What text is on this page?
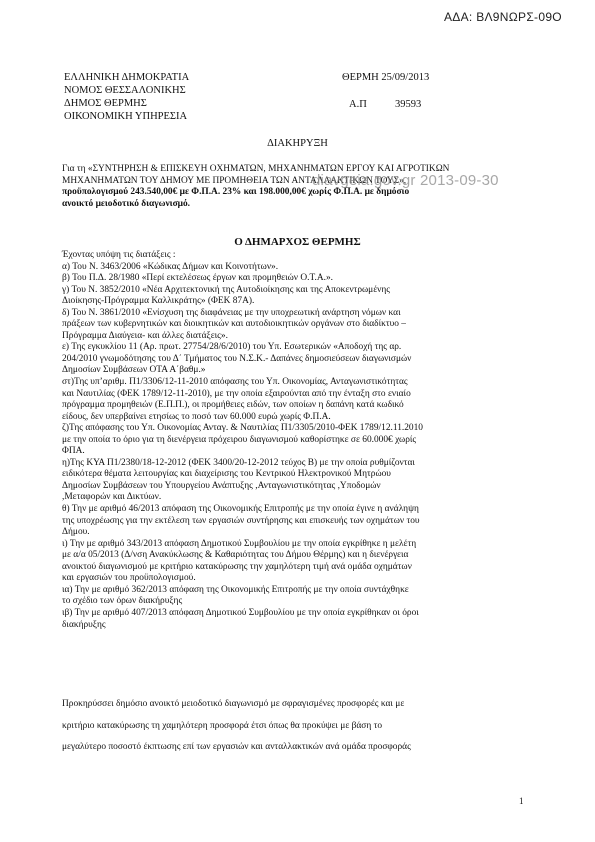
ΑΔΑ: ΒΛ9ΝΩΡΣ-09Ο
ΕΛΛΗΝΙΚΗ ΔΗΜΟΚΡΑΤΙΑ
ΝΟΜΟΣ ΘΕΣΣΑΛΟΝΙΚΗΣ
ΔΗΜΟΣ ΘΕΡΜΗΣ
ΟΙΚΟΝΟΜΙΚΗ ΥΠΗΡΕΣΙΑ
ΘΕΡΜΗ 25/09/2013
Α.Π	39593
ΔΙΑΚΗΡΥΞΗ
Για τη «ΣΥΝΤΗΡΗΣΗ & ΕΠΙΣΚΕΥΗ ΟΧΗΜΑΤΩΝ, ΜΗΧΑΝΗΜΑΤΩΝ ΕΡΓΟΥ ΚΑΙ ΑΓΡΟΤΙΚΩΝ
ΜΗΧΑΝΗΜΑΤΩΝ ΤΟΥ ΔΗΜΟΥ ΜΕ ΠΡΟΜΗΘΕΙΑ ΤΩΝ ΑΝΤΑΛΛΑΚΤΙΚΩΝ ΤΟΥΣ»,
προϋπολογισμού 243.540,00€ με Φ.Π.Α. 23% και 198.000,00€ χωρίς Φ.Π.Α. με δημόσιο
ανοικτό μειοδοτικό διαγωνισμό.
diavgeia.gov.gr 2013-09-30
Ο ΔΗΜΑΡΧΟΣ ΘΕΡΜΗΣ

Έχοντας υπόψη τις διατάξεις :

α) Του Ν. 3463/2006 «Κώδικας Δήμων και Κοινοτήτων».

β) Του Π.Δ. 28/1980 «Περί εκτελέσεως έργων και προμηθειών Ο.Τ.Α.».

γ) Του Ν. 3852/2010 «Νέα Αρχιτεκτονική της Αυτοδιοίκησης και της Αποκεντρωμένης

Διοίκησης-Πρόγραμμα Καλλικράτης» (ΦΕΚ 87Α).

δ) Του Ν. 3861/2010 «Ενίσχυση της διαφάνειας με την υποχρεωτική ανάρτηση νόμων και

πράξεων των κυβερνητικών και διοικητικών και αυτοδιοικητικών οργάνων στο διαδίκτυο –

Πρόγραμμα Διαύγεια- και άλλες διατάξεις».

ε) Της εγκυκλίου 11 (Αρ. πρωτ. 27754/28/6/2010) του Υπ. Εσωτερικών «Αποδοχή της αρ.

204/2010 γνωμοδότησης του Δ΄ Τμήματος του Ν.Σ.Κ.- Δαπάνες δημοσιεύσεων διαγωνισμών

Δημοσίων Συμβάσεων ΟΤΑ Α΄βαθμ.»

στ)Της υπ’αριθμ. Π1/3306/12-11-2010 απόφασης του Υπ. Οικονομίας, Ανταγωνιστικότητας

και Ναυτιλίας (ΦΕΚ 1789/12-11-2010), με την οποία εξαιρούνται από την ένταξη στο ενιαίο

πρόγραμμα προμηθειών (Ε.Π.Π.), οι προμήθειες ειδών, των οποίων η δαπάνη κατά κωδικό

είδους, δεν υπερβαίνει ετησίως το ποσό των 60.000 ευρώ χωρίς Φ.Π.Α.

ζ)Της απόφασης του Υπ. Οικονομίας Ανταγ. & Ναυτιλίας Π1/3305/2010-ΦΕΚ 1789/12.11.2010

με την οποία το όριο για τη διενέργεια πρόχειρου διαγωνισμού καθορίστηκε σε 60.000€ χωρίς

ΦΠΑ.

η)Της ΚΥΑ Π1/2380/18-12-2012 (ΦΕΚ 3400/20-12-2012 τεύχος Β) με την οποία ρυθμίζονται

ειδικότερα θέματα λειτουργίας και διαχείρισης του Κεντρικού Ηλεκτρονικού Μητρώου

Δημοσίων Συμβάσεων του Υπουργείου Ανάπτυξης ,Ανταγωνιστικότητας ,Υποδομών

,Μεταφορών και Δικτύων.

θ) Την με αριθμό 46/2013 απόφαση της Οικονομικής Επιτροπής με την οποία έγινε η ανάληψη

της υποχρέωσης για την εκτέλεση των εργασιών συντήρησης και επισκευής των οχημάτων του

Δήμου.

ι) Την με αριθμό 343/2013 απόφαση Δημοτικού Συμβουλίου με την οποία εγκρίθηκε η μελέτη

με α/α 05/2013 (Δ/νση Ανακύκλωσης & Καθαριότητας του Δήμου Θέρμης) και η διενέργεια

ανοικτού διαγωνισμού με κριτήριο κατακύρωσης την χαμηλότερη τιμή ανά ομάδα οχημάτων

και εργασιών του προϋπολογισμού.

ια) Την με αριθμό 362/2013 απόφαση της Οικονομικής Επιτροπής με την οποία συντάχθηκε

το σχέδιο των όρων διακήρυξης

ιβ) Την με αριθμό 407/2013 απόφαση Δημοτικού Συμβουλίου με την οποία εγκρίθηκαν οι όροι

διακήρυξης

Προκηρύσσει δημόσιο ανοικτό μειοδοτικό διαγωνισμό με σφραγισμένες προσφορές και με

κριτήριο κατακύρωσης τη χαμηλότερη προσφορά έτσι όπως θα προκύψει με βάση το

μεγαλύτερο ποσοστό έκπτωσης επί των εργασιών και ανταλλακτικών ανά ομάδα προσφοράς

1
